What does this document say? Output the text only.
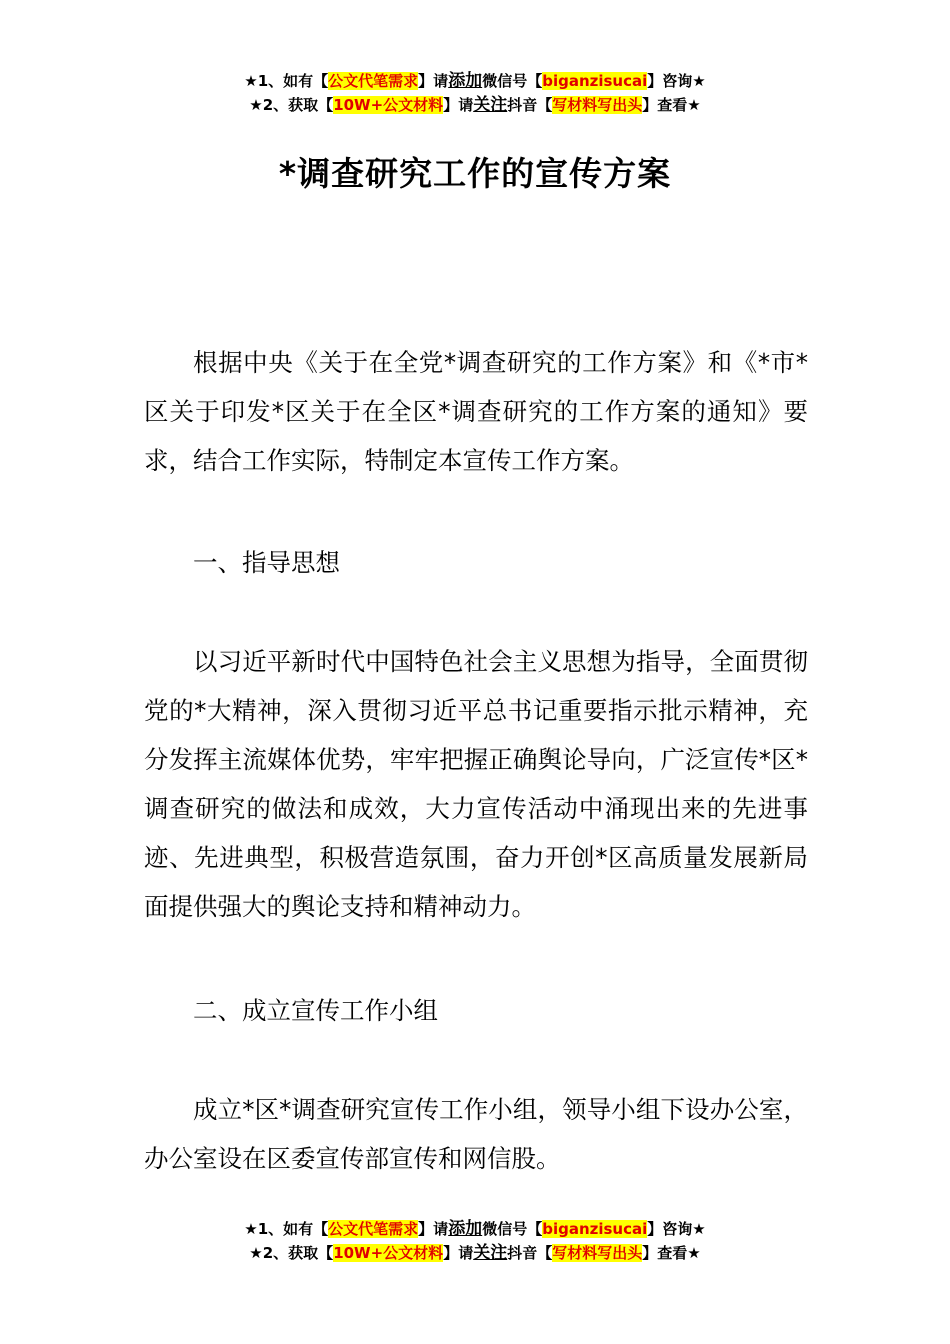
★1、如有【公文代笔需求】请添加微信号【biganzisucai】咨询★
★2、获取【10W+公文材料】请关注抖音【写材料写出头】查看★
*调查研究工作的宣传方案

根据中央《关于在全党*调查研究的工作方案》和《*市*区关于印发*区关于在全区*调查研究的工作方案的通知》要求，结合工作实际，特制定本宣传工作方案。

一、指导思想

以习近平新时代中国特色社会主义思想为指导，全面贯彻党的*大精神，深入贯彻习近平总书记重要指示批示精神，充分发挥主流媒体优势，牢牢把握正确舆论导向，广泛宣传*区*调查研究的做法和成效，大力宣传活动中涌现出来的先进事迹、先进典型，积极营造氛围，奋力开创*区高质量发展新局面提供强大的舆论支持和精神动力。

二、成立宣传工作小组

成立*区*调查研究宣传工作小组，领导小组下设办公室，办公室设在区委宣传部宣传和网信股。

★1、如有【公文代笔需求】请添加微信号【biganzisucai】咨询★
★2、获取【10W+公文材料】请关注抖音【写材料写出头】查看★
